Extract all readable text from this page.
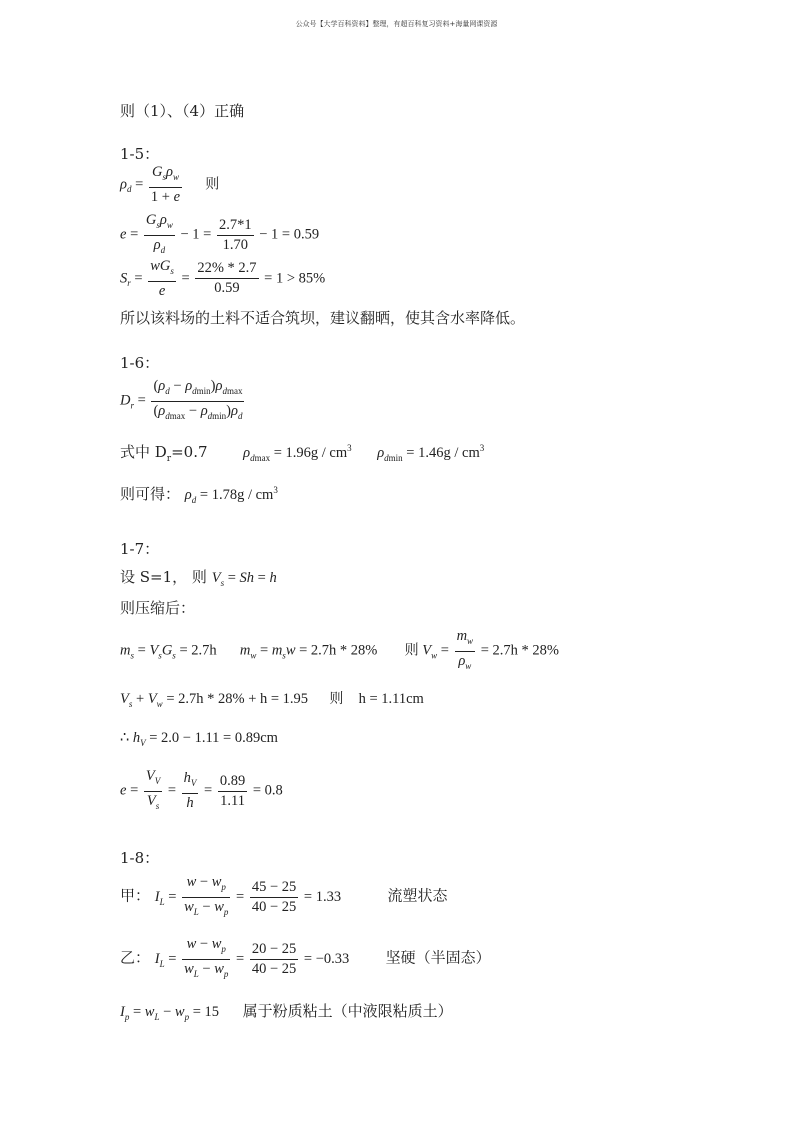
公众号【大学百科资料】整理，有超百科复习资料+海量网课资源
则（1）、（4）正确
1-5：
$\rho_d = \frac{G_s\rho_w}{1 + e}$ 则
$e = \frac{G_s\rho_w}{\rho_d} - 1 = \frac{2.7*1}{1.70} - 1 = 0.59$
$S_r = \frac{wG_s}{e} = \frac{22\% * 2.7}{0.59} = 1 > 85\%$
所以该料场的土料不适合筑坝，建议翻晒，使其含水率降低。
1-6：
$D_r = \frac{(\rho_d - \rho_{dmin})\rho_{dmax}}{(\rho_{dmax} - \rho_{dmin})\rho_d}$
式中 $D_r=0.7$ $\rho_{dmax} = 1.96g / cm^3$ $\rho_{dmin} = 1.46g / cm^3$
则可得： $\rho_d = 1.78g / cm^3$
1-7：
设 S=1， 则 $V_s = Sh = h$
则压缩后：
$m_s = V_sG_s = 2.7h$ $m_w = m_sw = 2.7h * 28\%$ 则 $V_w = \frac{m_w}{\rho_w} = 2.7h * 28\%$
$V_s + V_w = 2.7h * 28\% + h = 1.95$ 则 h = 1.11cm
∴ $h_V = 2.0 - 1.11 = 0.89cm$
$e = \frac{V_V}{V_s} = \frac{h_V}{h} = \frac{0.89}{1.11} = 0.8$
1-8：
甲： $I_L = \frac{w - w_p}{w_L - w_p} = \frac{45 - 25}{40 - 25} = 1.33$	流塑状态
乙： $I_L = \frac{w - w_p}{w_L - w_p} = \frac{20 - 25}{40 - 25} = -0.33$ 坚硬（半固态）
$I_p = w_L - w_p = 15$ 属于粉质粘土（中液限粘质土）
